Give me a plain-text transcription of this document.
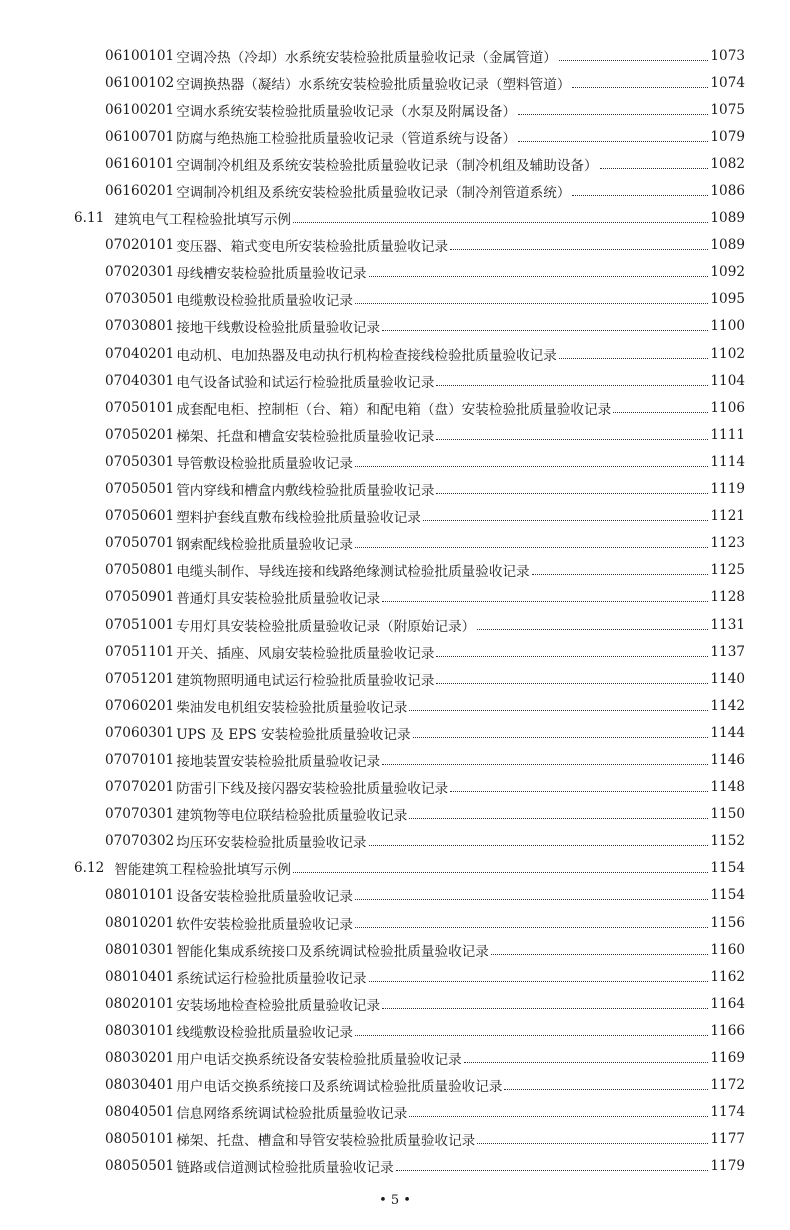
06100101 空调冷热（冷却）水系统安装检验批质量验收记录（金属管道）	1073
06100102 空调换热器（凝结）水系统安装检验批质量验收记录（塑料管道）	1074
06100201 空调水系统安装检验批质量验收记录（水泵及附属设备）	1075
06100701 防腐与绝热施工检验批质量验收记录（管道系统与设备）	1079
06160101 空调制冷机组及系统安装检验批质量验收记录（制冷机组及辅助设备）	1082
06160201 空调制冷机组及系统安装检验批质量验收记录（制冷剂管道系统）	1086
6.11 建筑电气工程检验批填写示例	1089
07020101 变压器、箱式变电所安装检验批质量验收记录	1089
07020301 母线槽安装检验批质量验收记录	1092
07030501 电缆敷设检验批质量验收记录	1095
07030801 接地干线敷设检验批质量验收记录	1100
07040201 电动机、电加热器及电动执行机构检查接线检验批质量验收记录	1102
07040301 电气设备试验和试运行检验批质量验收记录	1104
07050101 成套配电柜、控制柜（台、箱）和配电箱（盘）安装检验批质量验收记录	1106
07050201 梯架、托盘和槽盒安装检验批质量验收记录	1111
07050301 导管敷设检验批质量验收记录	1114
07050501 管内穿线和槽盒内敷线检验批质量验收记录	1119
07050601 塑料护套线直敷布线检验批质量验收记录	1121
07050701 钢索配线检验批质量验收记录	1123
07050801 电缆头制作、导线连接和线路绝缘测试检验批质量验收记录	1125
07050901 普通灯具安装检验批质量验收记录	1128
07051001 专用灯具安装检验批质量验收记录（附原始记录）	1131
07051101 开关、插座、风扇安装检验批质量验收记录	1137
07051201 建筑物照明通电试运行检验批质量验收记录	1140
07060201 柴油发电机组安装检验批质量验收记录	1142
07060301 UPS 及 EPS 安装检验批质量验收记录	1144
07070101 接地装置安装检验批质量验收记录	1146
07070201 防雷引下线及接闪器安装检验批质量验收记录	1148
07070301 建筑物等电位联结检验批质量验收记录	1150
07070302 均压环安装检验批质量验收记录	1152
6.12 智能建筑工程检验批填写示例	1154
08010101 设备安装检验批质量验收记录	1154
08010201 软件安装检验批质量验收记录	1156
08010301 智能化集成系统接口及系统调试检验批质量验收记录	1160
08010401 系统试运行检验批质量验收记录	1162
08020101 安装场地检查检验批质量验收记录	1164
08030101 线缆敷设检验批质量验收记录	1166
08030201 用户电话交换系统设备安装检验批质量验收记录	1169
08030401 用户电话交换系统接口及系统调试检验批质量验收记录	1172
08040501 信息网络系统调试检验批质量验收记录	1174
08050101 梯架、托盘、槽盒和导管安装检验批质量验收记录	1177
08050501 链路或信道测试检验批质量验收记录	1179
• 5 •
